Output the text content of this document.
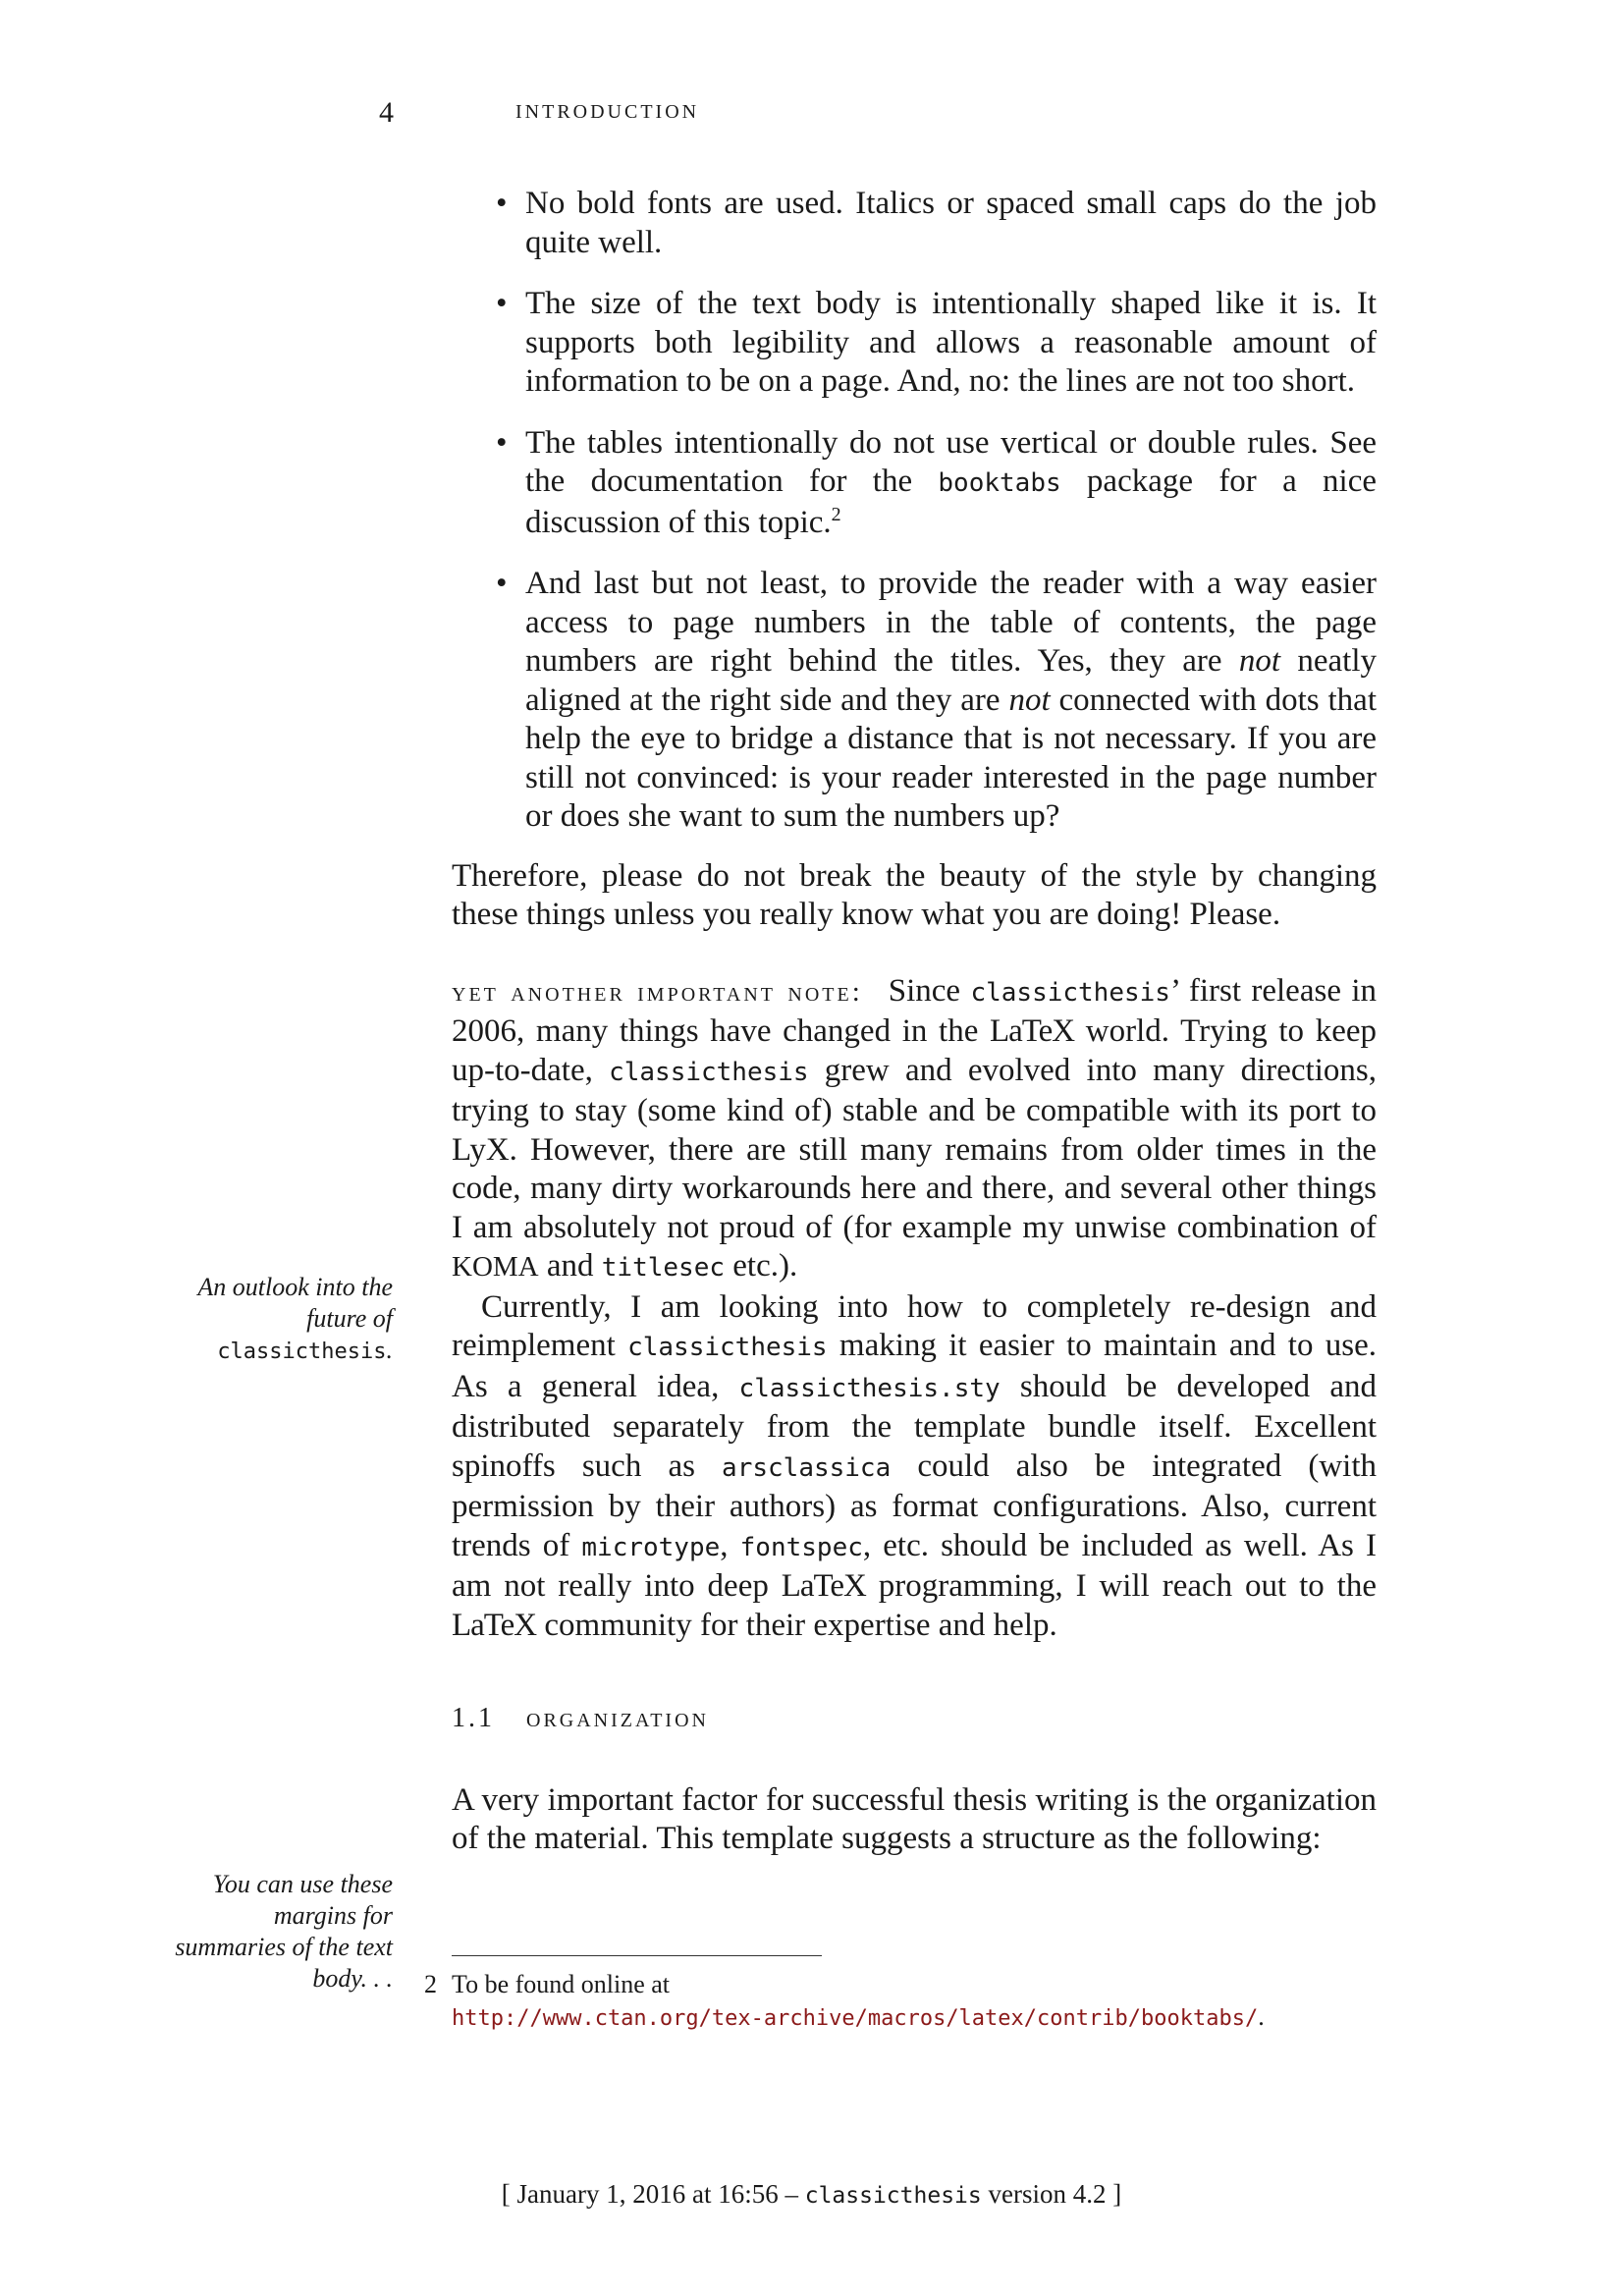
4	introduction
• No bold fonts are used. Italics or spaced small caps do the job quite well.
• The size of the text body is intentionally shaped like it is. It supports both legibility and allows a reasonable amount of information to be on a page. And, no: the lines are not too short.
• The tables intentionally do not use vertical or double rules. See the documentation for the booktabs package for a nice discussion of this topic.$^2$
• And last but not least, to provide the reader with a way easier access to page numbers in the table of contents, the page numbers are right behind the titles. Yes, they are not neatly aligned at the right side and they are not connected with dots that help the eye to bridge a distance that is not necessary. If you are still not convinced: is your reader interested in the page number or does she want to sum the numbers up?

Therefore, please do not break the beauty of the style by changing these things unless you really know what you are doing! Please.

yet another important note: Since classicthesis’ first release in 2006, many things have changed in the LaTeX world. Trying to keep up-to-date, classicthesis grew and evolved into many directions, trying to stay (some kind of) stable and be compatible with its port to LyX. However, there are still many remains from older times in the code, many dirty workarounds here and there, and several other things I am absolutely not proud of (for example my unwise combination of KOMA and titlesec etc.).

Currently, I am looking into how to completely re-design and reimplement classicthesis making it easier to maintain and to use. As a general idea, classicthesis.sty should be developed and distributed separately from the template bundle itself. Excellent spinoffs such as arsclassica could also be integrated (with permission by their authors) as format configurations. Also, current trends of microtype, fontspec, etc. should be included as well. As I am not really into deep LaTeX programming, I will reach out to the LaTeX community for their expertise and help.

1.1 organization

A very important factor for successful thesis writing is the organization of the material. This template suggests a structure as the following:

An outlook into the future of classicthesis.
You can use these margins for summaries of the text body. . . 2 To be found online at
http://www.ctan.org/tex-archive/macros/latex/contrib/booktabs/.
[ January 1, 2016 at 16:56 – classicthesis version 4.2 ]
